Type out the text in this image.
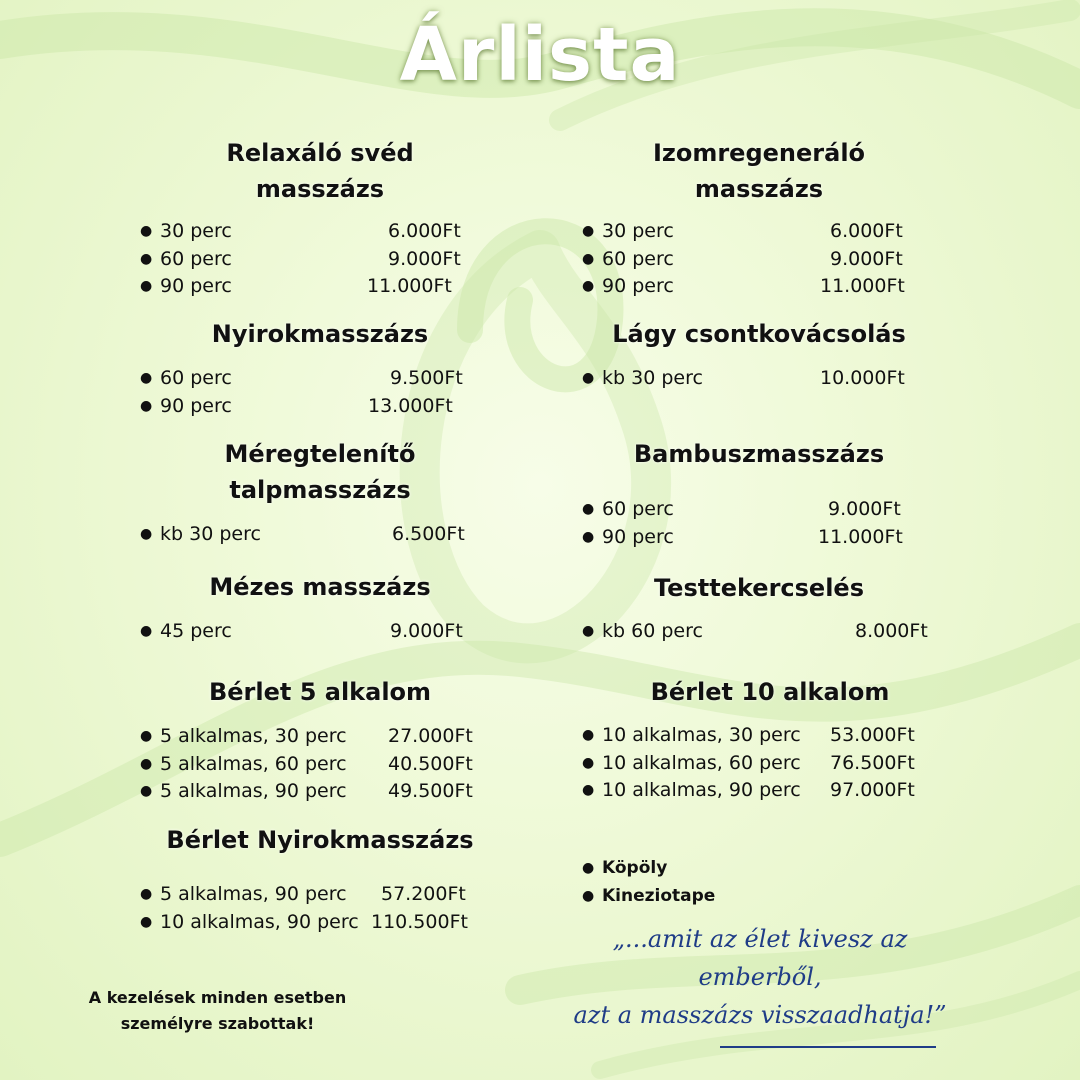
Árlista
Relaxáló svéd
masszázs
● 30 perc	6.000Ft
● 60 perc	9.000Ft
● 90 perc	11.000Ft
Izomregeneráló
masszázs
● 30 perc	6.000Ft
● 60 perc	9.000Ft
● 90 perc	11.000Ft
Nyirokmasszázs
● 60 perc	9.500Ft
● 90 perc	13.000Ft
Lágy csontkovácsolás
● kb 30 perc	10.000Ft
Méregtelenítő
talpmasszázs
● kb 30 perc	6.500Ft
Bambuszmasszázs
● 60 perc	9.000Ft
● 90 perc	11.000Ft
Mézes masszázs
● 45 perc	9.000Ft
Testtekercselés
● kb 60 perc	8.000Ft
Bérlet 5 alkalom
● 5 alkalmas, 30 perc 27.000Ft
● 5 alkalmas, 60 perc 40.500Ft
● 5 alkalmas, 90 perc 49.500Ft
Bérlet 10 alkalom
● 10 alkalmas, 30 perc 53.000Ft
● 10 alkalmas, 60 perc 76.500Ft
● 10 alkalmas, 90 perc 97.000Ft
Bérlet Nyirokmasszázs
● 5 alkalmas, 90 perc 57.200Ft
● 10 alkalmas, 90 perc 110.500Ft
● Köpöly
● Kineziotape
A kezelések minden esetben
személyre szabottak!
„...amit az élet kivesz az
emberből,
azt a masszázs visszaadhatja!”
